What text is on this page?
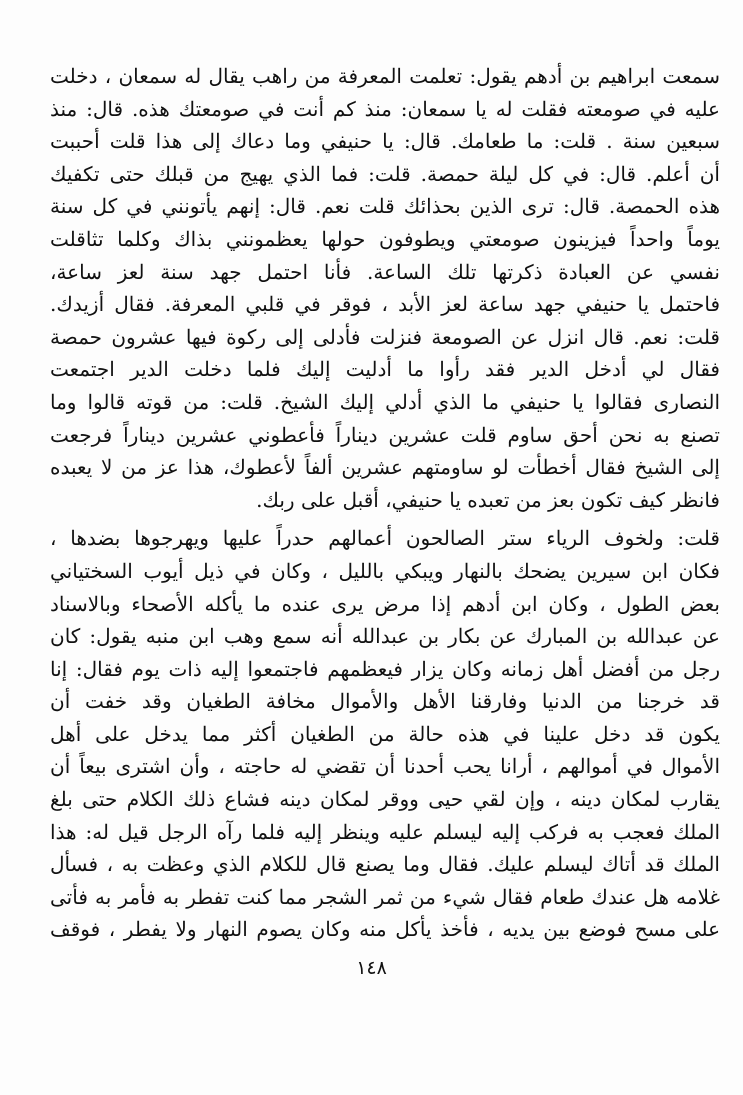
سمعت ابراهيم بن أدهم يقول: تعلمت المعرفة من راهب يقال له سمعان ، دخلت
عليه في صومعته فقلت له يا سمعان: منذ كم أنت في صومعتك هذه. قال: منذ
سبعين سنة . قلت: ما طعامك. قال: يا حنيفي وما دعاك إلى هذا قلت أحببت
أن أعلم. قال: في كل ليلة حمصة. قلت: فما الذي يهيج من قبلك حتى تكفيك
هذه الحمصة. قال: ترى الذين بحذائك قلت نعم. قال: إنهم يأتونني في كل سنة
يوماً واحداً فيزينون صومعتي ويطوفون حولها يعظمونني بذاك وكلما تثاقلت
نفسي عن العبادة ذكرتها تلك الساعة. فأنا احتمل جهد سنة لعز ساعة،
فاحتمل يا حنيفي جهد ساعة لعز الأبد ، فوقر في قلبي المعرفة. فقال أزيدك.
قلت: نعم. قال انزل عن الصومعة فنزلت فأدلى إلى ركوة فيها عشرون حمصة
فقال لي أدخل الدير فقد رأوا ما أدليت إليك فلما دخلت الدير اجتمعت
النصارى فقالوا يا حنيفي ما الذي أدلي إليك الشيخ. قلت: من قوته قالوا وما
تصنع به نحن أحق ساوم قلت عشرين ديناراً فأعطوني عشرين ديناراً فرجعت
إلى الشيخ فقال أخطأت لو ساومتهم عشرين ألفاً لأعطوك، هذا عز من لا يعبده
فانظر كيف تكون بعز من تعبده يا حنيفي، أقبل على ربك.
قلت: ولخوف الرياء ستر الصالحون أعمالهم حدراً عليها ويهرجوها بضدها ،
فكان ابن سيرين يضحك بالنهار ويبكي بالليل ، وكان في ذيل أيوب السختياني
بعض الطول ، وكان ابن أدهم إذا مرض يرى عنده ما يأكله الأصحاء وبالاسناد
عن عبدالله بن المبارك عن بكار بن عبدالله أنه سمع وهب ابن منبه يقول: كان
رجل من أفضل أهل زمانه وكان يزار فيعظمهم فاجتمعوا إليه ذات يوم فقال: إنا
قد خرجنا من الدنيا وفارقنا الأهل والأموال مخافة الطغيان وقد خفت أن
يكون قد دخل علينا في هذه حالة من الطغيان أكثر مما يدخل على أهل
الأموال في أموالهم ، أرانا يحب أحدنا أن تقضي له حاجته ، وأن اشترى بيعاً أن
يقارب لمكان دينه ، وإن لقي حيى ووقر لمكان دينه فشاع ذلك الكلام حتى بلغ
الملك فعجب به فركب إليه ليسلم عليه وينظر إليه فلما رآه الرجل قيل له: هذا
الملك قد أتاك ليسلم عليك. فقال وما يصنع قال للكلام الذي وعظت به ، فسأل
غلامه هل عندك طعام فقال شيء من ثمر الشجر مما كنت تفطر به فأمر به فأتى
على مسح فوضع بين يديه ، فأخذ يأكل منه وكان يصوم النهار ولا يفطر ، فوقف
١٤٨
